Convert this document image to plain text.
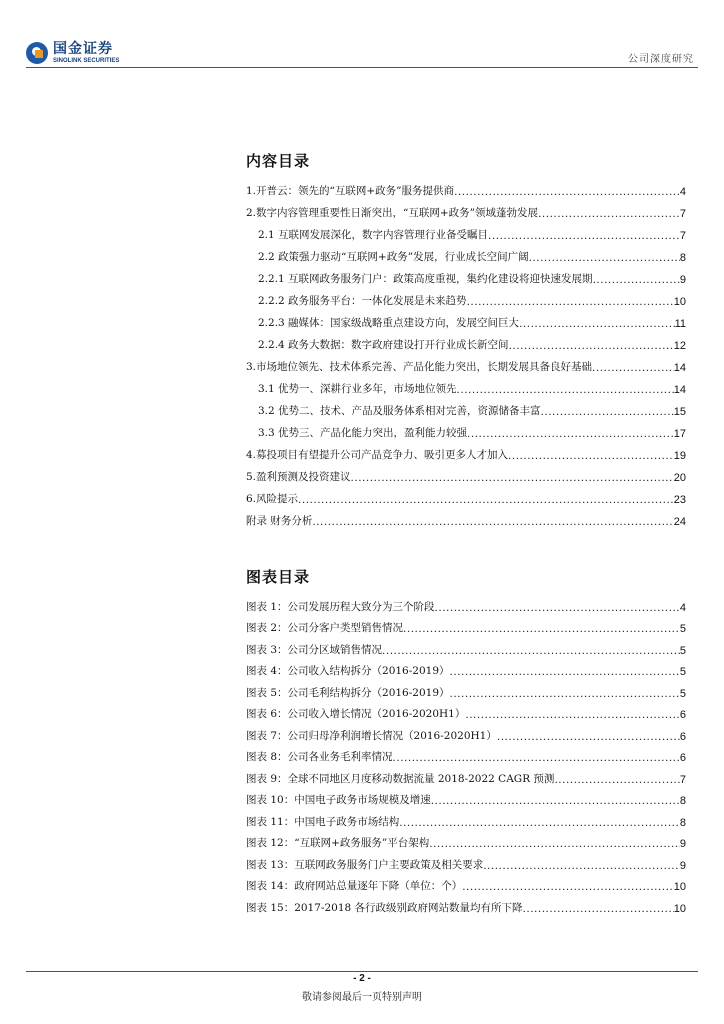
国金证券
SINOLINK SECURITIES	公司深度研究
内容目录
1.开普云：领先的“互联网+政务”服务提供商 .....	4
2.数字内容管理重要性日渐突出，“互联网+政务”领域蓬勃发展 .....	7
2.1 互联网发展深化，数字内容管理行业备受瞩目 .....	7
2.2 政策强力驱动“互联网+政务”发展，行业成长空间广阔 .....	8
2.2.1 互联网政务服务门户：政策高度重视，集约化建设将迎快速发展期 .....	9
2.2.2 政务服务平台：一体化发展是未来趋势 .....	10
2.2.3 融媒体：国家级战略重点建设方向，发展空间巨大 .....	11
2.2.4 政务大数据：数字政府建设打开行业成长新空间 .....	12
3.市场地位领先、技术体系完善、产品化能力突出，长期发展具备良好基础 .....	14
3.1 优势一、深耕行业多年，市场地位领先 .....	14
3.2 优势二、技术、产品及服务体系相对完善，资源储备丰富 .....	15
3.3 优势三、产品化能力突出，盈利能力较强 .....	17
4.募投项目有望提升公司产品竞争力、吸引更多人才加入 .....	19
5.盈利预测及投资建议 .....	20
6.风险提示 .....	23
附录 财务分析 .....	24
图表目录
图表 1：公司发展历程大致分为三个阶段 .....	4
图表 2：公司分客户类型销售情况 .....	5
图表 3：公司分区域销售情况 .....	5
图表 4：公司收入结构拆分（2016-2019） .....	5
图表 5：公司毛利结构拆分（2016-2019） .....	5
图表 6：公司收入增长情况（2016-2020H1） .....	6
图表 7：公司归母净利润增长情况（2016-2020H1） .....	6
图表 8：公司各业务毛利率情况 .....	6
图表 9：全球不同地区月度移动数据流量 2018-2022 CAGR 预测 .....	7
图表 10：中国电子政务市场规模及增速 .....	8
图表 11：中国电子政务市场结构 .....	8
图表 12：“互联网+政务服务”平台架构 .....	9
图表 13：互联网政务服务门户主要政策及相关要求 .....	9
图表 14：政府网站总量逐年下降（单位：个） .....	10
图表 15：2017-2018 各行政级别政府网站数量均有所下降 .....	10
- 2 -
敬请参阅最后一页特别声明
